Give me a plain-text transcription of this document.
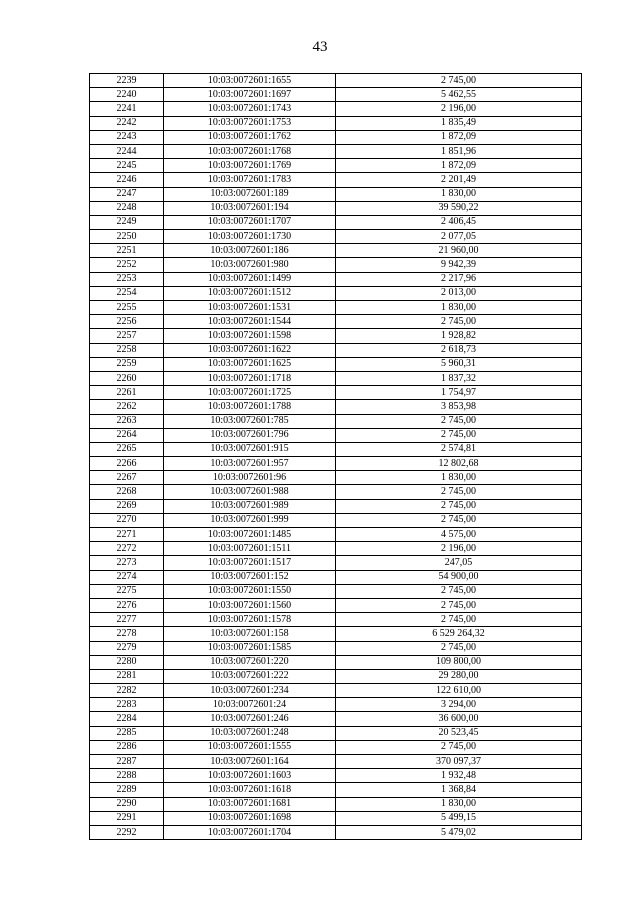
43
2239	10:03:0072601:1655	2 745,00
2240	10:03:0072601:1697	5 462,55
2241	10:03:0072601:1743	2 196,00
2242	10:03:0072601:1753	1 835,49
2243	10:03:0072601:1762	1 872,09
2244	10:03:0072601:1768	1 851,96
2245	10:03:0072601:1769	1 872,09
2246	10:03:0072601:1783	2 201,49
2247	10:03:0072601:189	1 830,00
2248	10:03:0072601:194	39 590,22
2249	10:03:0072601:1707	2 406,45
2250	10:03:0072601:1730	2 077,05
2251	10:03:0072601:186	21 960,00
2252	10:03:0072601:980	9 942,39
2253	10:03:0072601:1499	2 217,96
2254	10:03:0072601:1512	2 013,00
2255	10:03:0072601:1531	1 830,00
2256	10:03:0072601:1544	2 745,00
2257	10:03:0072601:1598	1 928,82
2258	10:03:0072601:1622	2 618,73
2259	10:03:0072601:1625	5 960,31
2260	10:03:0072601:1718	1 837,32
2261	10:03:0072601:1725	1 754,97
2262	10:03:0072601:1788	3 853,98
2263	10:03:0072601:785	2 745,00
2264	10:03:0072601:796	2 745,00
2265	10:03:0072601:915	2 574,81
2266	10:03:0072601:957	12 802,68
2267	10:03:0072601:96	1 830,00
2268	10:03:0072601:988	2 745,00
2269	10:03:0072601:989	2 745,00
2270	10:03:0072601:999	2 745,00
2271	10:03:0072601:1485	4 575,00
2272	10:03:0072601:1511	2 196,00
2273	10:03:0072601:1517	247,05
2274	10:03:0072601:152	54 900,00
2275	10:03:0072601:1550	2 745,00
2276	10:03:0072601:1560	2 745,00
2277	10:03:0072601:1578	2 745,00
2278	10:03:0072601:158	6 529 264,32
2279	10:03:0072601:1585	2 745,00
2280	10:03:0072601:220	109 800,00
2281	10:03:0072601:222	29 280,00
2282	10:03:0072601:234	122 610,00
2283	10:03:0072601:24	3 294,00
2284	10:03:0072601:246	36 600,00
2285	10:03:0072601:248	20 523,45
2286	10:03:0072601:1555	2 745,00
2287	10:03:0072601:164	370 097,37
2288	10:03:0072601:1603	1 932,48
2289	10:03:0072601:1618	1 368,84
2290	10:03:0072601:1681	1 830,00
2291	10:03:0072601:1698	5 499,15
2292	10:03:0072601:1704	5 479,02
